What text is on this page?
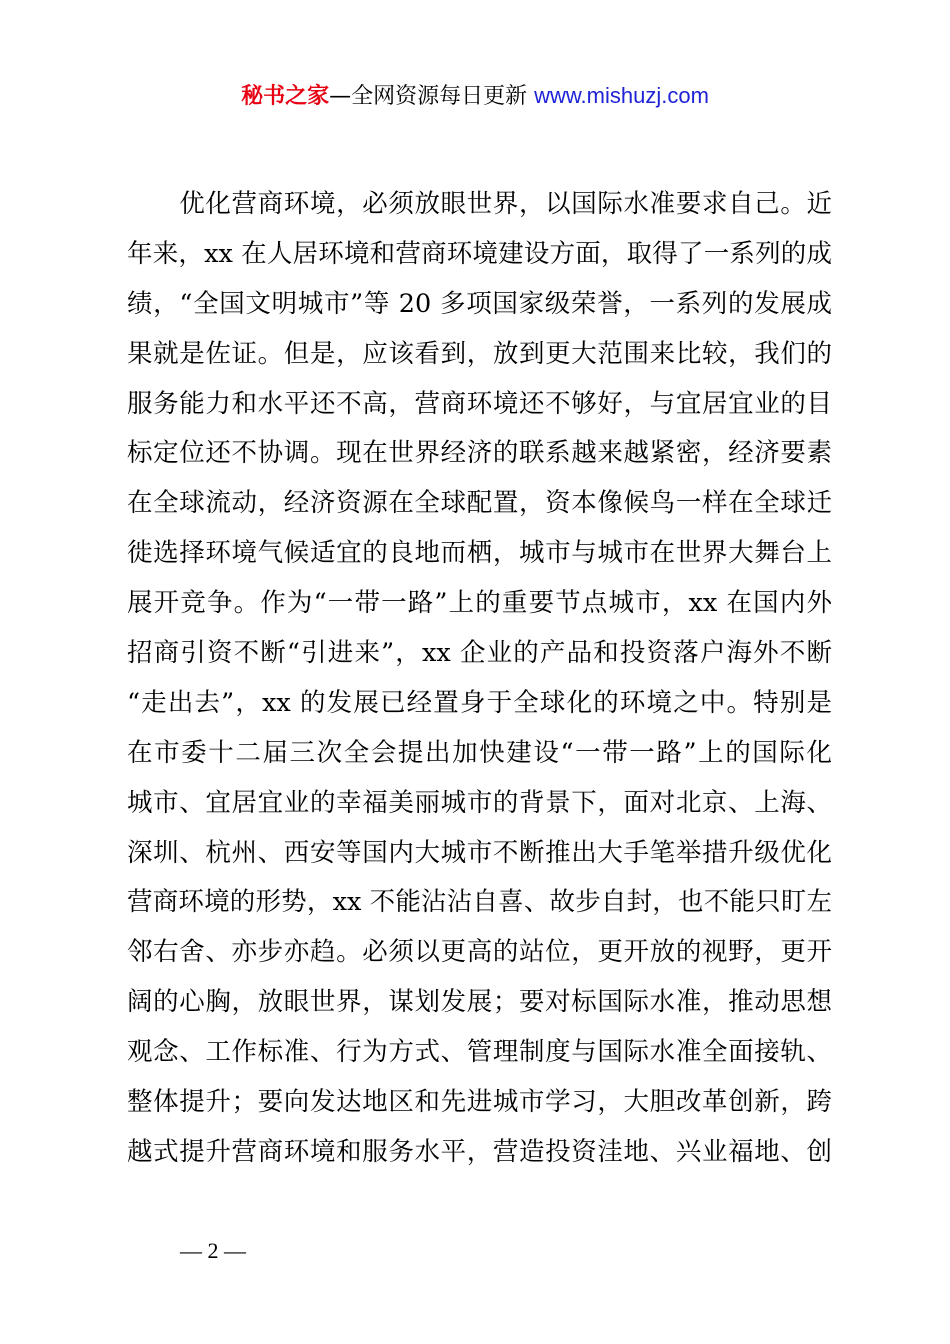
秘书之家—全网资源每日更新 www.mishuzj.com
　　优化营商环境，必须放眼世界，以国际水准要求自己。近
年来，xx 在人居环境和营商环境建设方面，取得了一系列的成
绩，“全国文明城市”等 20 多项国家级荣誉，一系列的发展成
果就是佐证。但是，应该看到，放到更大范围来比较，我们的
服务能力和水平还不高，营商环境还不够好，与宜居宜业的目
标定位还不协调。现在世界经济的联系越来越紧密，经济要素
在全球流动，经济资源在全球配置，资本像候鸟一样在全球迁
徙选择环境气候适宜的良地而栖，城市与城市在世界大舞台上
展开竞争。作为“一带一路”上的重要节点城市，xx 在国内外
招商引资不断“引进来”，xx 企业的产品和投资落户海外不断
“走出去”，xx 的发展已经置身于全球化的环境之中。特别是
在市委十二届三次全会提出加快建设“一带一路”上的国际化
城市、宜居宜业的幸福美丽城市的背景下，面对北京、上海、
深圳、杭州、西安等国内大城市不断推出大手笔举措升级优化
营商环境的形势，xx 不能沾沾自喜、故步自封，也不能只盯左
邻右舍、亦步亦趋。必须以更高的站位，更开放的视野，更开
阔的心胸，放眼世界，谋划发展；要对标国际水准，推动思想
观念、工作标准、行为方式、管理制度与国际水准全面接轨、
整体提升；要向发达地区和先进城市学习，大胆改革创新，跨
越式提升营商环境和服务水平，营造投资洼地、兴业福地、创
— 2 —
